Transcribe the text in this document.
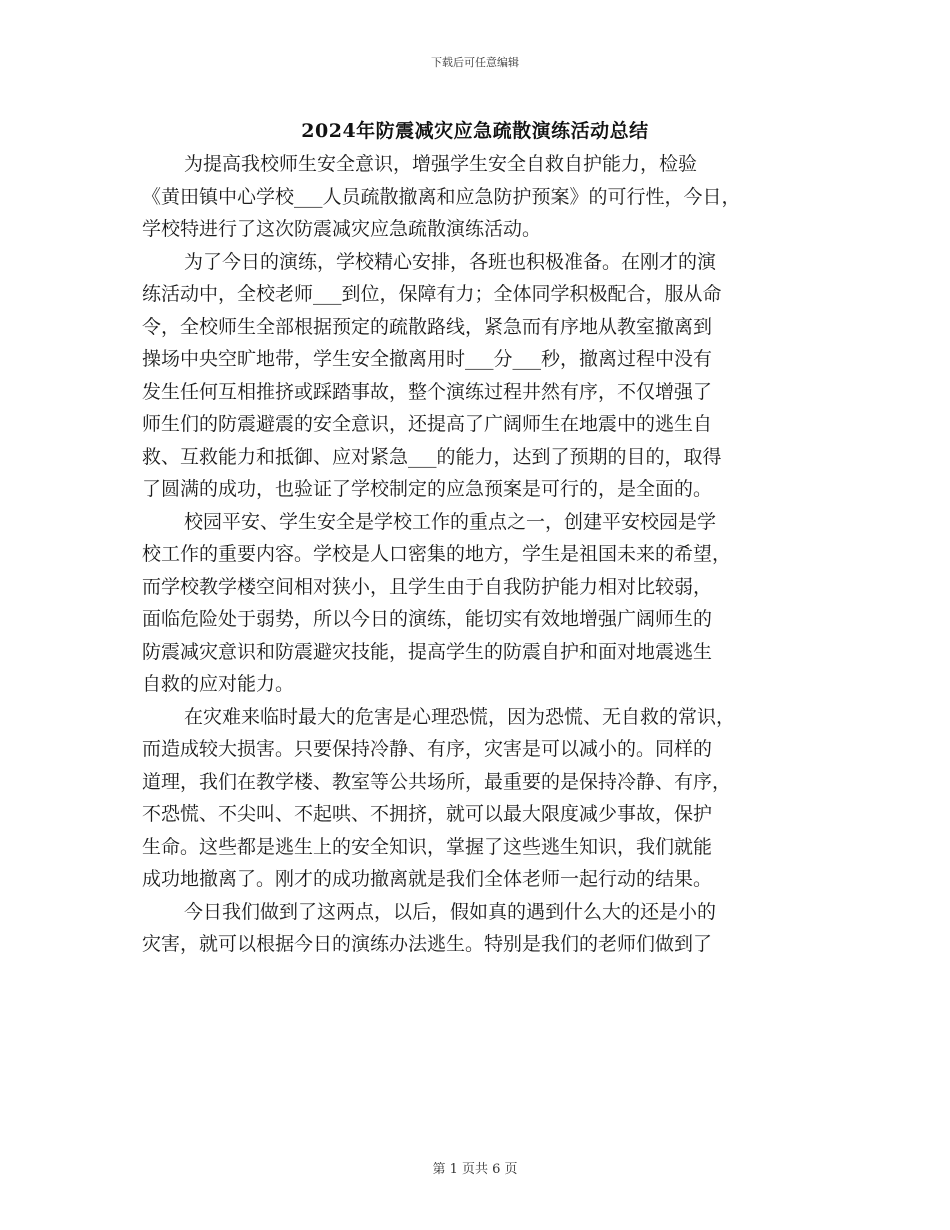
下载后可任意编辑
2024年防震减灾应急疏散演练活动总结
为提高我校师生安全意识，增强学生安全自救自护能力，检验
《黄田镇中心学校___人员疏散撤离和应急防护预案》的可行性，今日，
学校特进行了这次防震减灾应急疏散演练活动。
为了今日的演练，学校精心安排，各班也积极准备。在刚才的演
练活动中，全校老师___到位，保障有力；全体同学积极配合，服从命
令，全校师生全部根据预定的疏散路线，紧急而有序地从教室撤离到
操场中央空旷地带，学生安全撤离用时___分___秒，撤离过程中没有
发生任何互相推挤或踩踏事故，整个演练过程井然有序，不仅增强了
师生们的防震避震的安全意识，还提高了广阔师生在地震中的逃生自
救、互救能力和抵御、应对紧急___的能力，达到了预期的目的，取得
了圆满的成功，也验证了学校制定的应急预案是可行的，是全面的。
校园平安、学生安全是学校工作的重点之一，创建平安校园是学
校工作的重要内容。学校是人口密集的地方，学生是祖国未来的希望，
而学校教学楼空间相对狭小，且学生由于自我防护能力相对比较弱，
面临危险处于弱势，所以今日的演练，能切实有效地增强广阔师生的
防震减灾意识和防震避灾技能，提高学生的防震自护和面对地震逃生
自救的应对能力。
在灾难来临时最大的危害是心理恐慌，因为恐慌、无自救的常识，
而造成较大损害。只要保持冷静、有序，灾害是可以减小的。同样的
道理，我们在教学楼、教室等公共场所，最重要的是保持冷静、有序，
不恐慌、不尖叫、不起哄、不拥挤，就可以最大限度减少事故，保护
生命。这些都是逃生上的安全知识，掌握了这些逃生知识，我们就能
成功地撤离了。刚才的成功撤离就是我们全体老师一起行动的结果。
今日我们做到了这两点，以后，假如真的遇到什么大的还是小的
灾害，就可以根据今日的演练办法逃生。特别是我们的老师们做到了
第 1 页共 6 页
